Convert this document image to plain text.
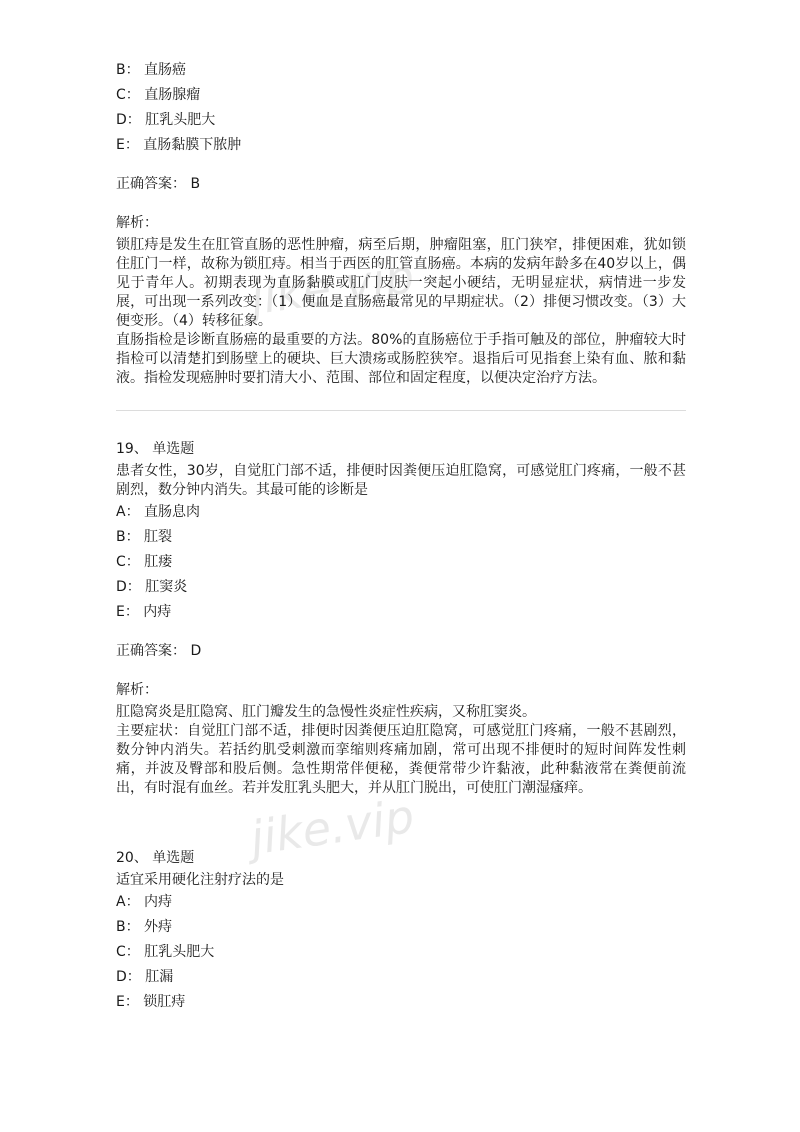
jike.vip
jike.vip
B： 直肠癌
C： 直肠腺瘤
D： 肛乳头肥大
E： 直肠黏膜下脓肿
正确答案： B
解析：
锁肛痔是发生在肛管直肠的恶性肿瘤，病至后期，肿瘤阻塞，肛门狭窄，排便困难，犹如锁住肛门一样，故称为锁肛痔。相当于西医的肛管直肠癌。本病的发病年龄多在40岁以上，偶见于青年人。初期表现为直肠黏膜或肛门皮肤一突起小硬结，无明显症状，病情进一步发展，可出现一系列改变：（1）便血是直肠癌最常见的早期症状。（2）排便习惯改变。（3）大便变形。（4）转移征象。
直肠指检是诊断直肠癌的最重要的方法。80%的直肠癌位于手指可触及的部位，肿瘤较大时指检可以清楚扪到肠壁上的硬块、巨大溃疡或肠腔狭窄。退指后可见指套上染有血、脓和黏液。指检发现癌肿时要扪清大小、范围、部位和固定程度，以便决定治疗方法。
19、 单选题
患者女性，30岁，自觉肛门部不适，排便时因粪便压迫肛隐窝，可感觉肛门疼痛，一般不甚剧烈，数分钟内消失。其最可能的诊断是
A： 直肠息肉
B： 肛裂
C： 肛瘘
D： 肛窦炎
E： 内痔
正确答案： D
解析：
肛隐窝炎是肛隐窝、肛门瓣发生的急慢性炎症性疾病，又称肛窦炎。
主要症状：自觉肛门部不适，排便时因粪便压迫肛隐窝，可感觉肛门疼痛，一般不甚剧烈，数分钟内消失。若括约肌受刺激而挛缩则疼痛加剧，常可出现不排便时的短时间阵发性刺痛，并波及臀部和股后侧。急性期常伴便秘，粪便常带少许黏液，此种黏液常在粪便前流出，有时混有血丝。若并发肛乳头肥大，并从肛门脱出，可使肛门潮湿瘙痒。
20、 单选题
适宜采用硬化注射疗法的是
A： 内痔
B： 外痔
C： 肛乳头肥大
D： 肛漏
E： 锁肛痔
